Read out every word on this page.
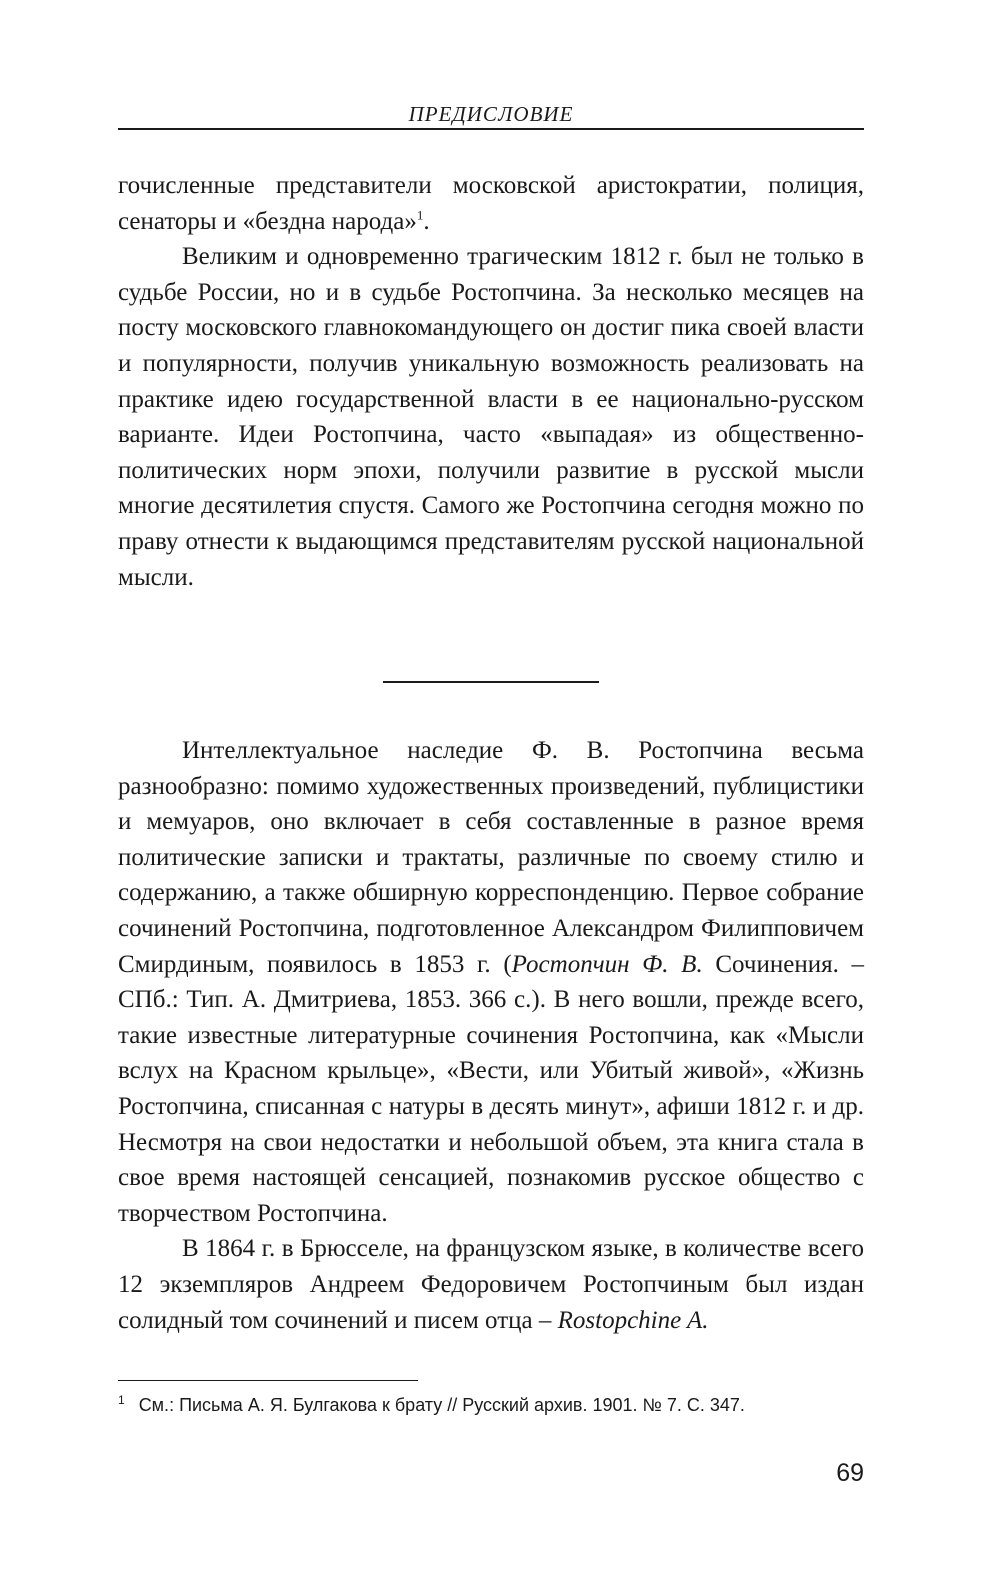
ПРЕДИСЛОВИЕ

гочисленные представители московской аристократии, полиция, сенаторы и «бездна народа»$^1$.

Великим и одновременно трагическим 1812 г. был не только в судьбе России, но и в судьбе Ростопчина. За несколько месяцев на посту московского главнокомандующего он достиг пика своей власти и популярности, получив уникальную возможность реализовать на практике идею государственной власти в ее национально-русском варианте. Идеи Ростопчина, часто «выпадая» из общественно-политических норм эпохи, получили развитие в русской мысли многие десятилетия спустя. Самого же Ростопчина сегодня можно по праву отнести к выдающимся представителям русской национальной мысли.

Интеллектуальное наследие Ф. В. Ростопчина весьма разнообразно: помимо художественных произведений, публицистики и мемуаров, оно включает в себя составленные в разное время политические записки и трактаты, различные по своему стилю и содержанию, а также обширную корреспонденцию. Первое собрание сочинений Ростопчина, подготовленное Александром Филипповичем Смирдиным, появилось в 1853 г. (Ростопчин Ф. В. Сочинения. – СПб.: Тип. А. Дмитриева, 1853. 366 с.). В него вошли, прежде всего, такие известные литературные сочинения Ростопчина, как «Мысли вслух на Красном крыльце», «Вести, или Убитый живой», «Жизнь Ростопчина, списанная с натуры в десять минут», афиши 1812 г. и др. Несмотря на свои недостатки и небольшой объем, эта книга стала в свое время настоящей сенсацией, познакомив русское общество с творчеством Ростопчина.

В 1864 г. в Брюсселе, на французском языке, в количестве всего 12 экземпляров Андреем Федоровичем Ростопчиным был издан солидный том сочинений и писем отца – Rostopchine A.

$^1$ См.: Письма А. Я. Булгакова к брату // Русский архив. 1901. № 7. С. 347.
69
